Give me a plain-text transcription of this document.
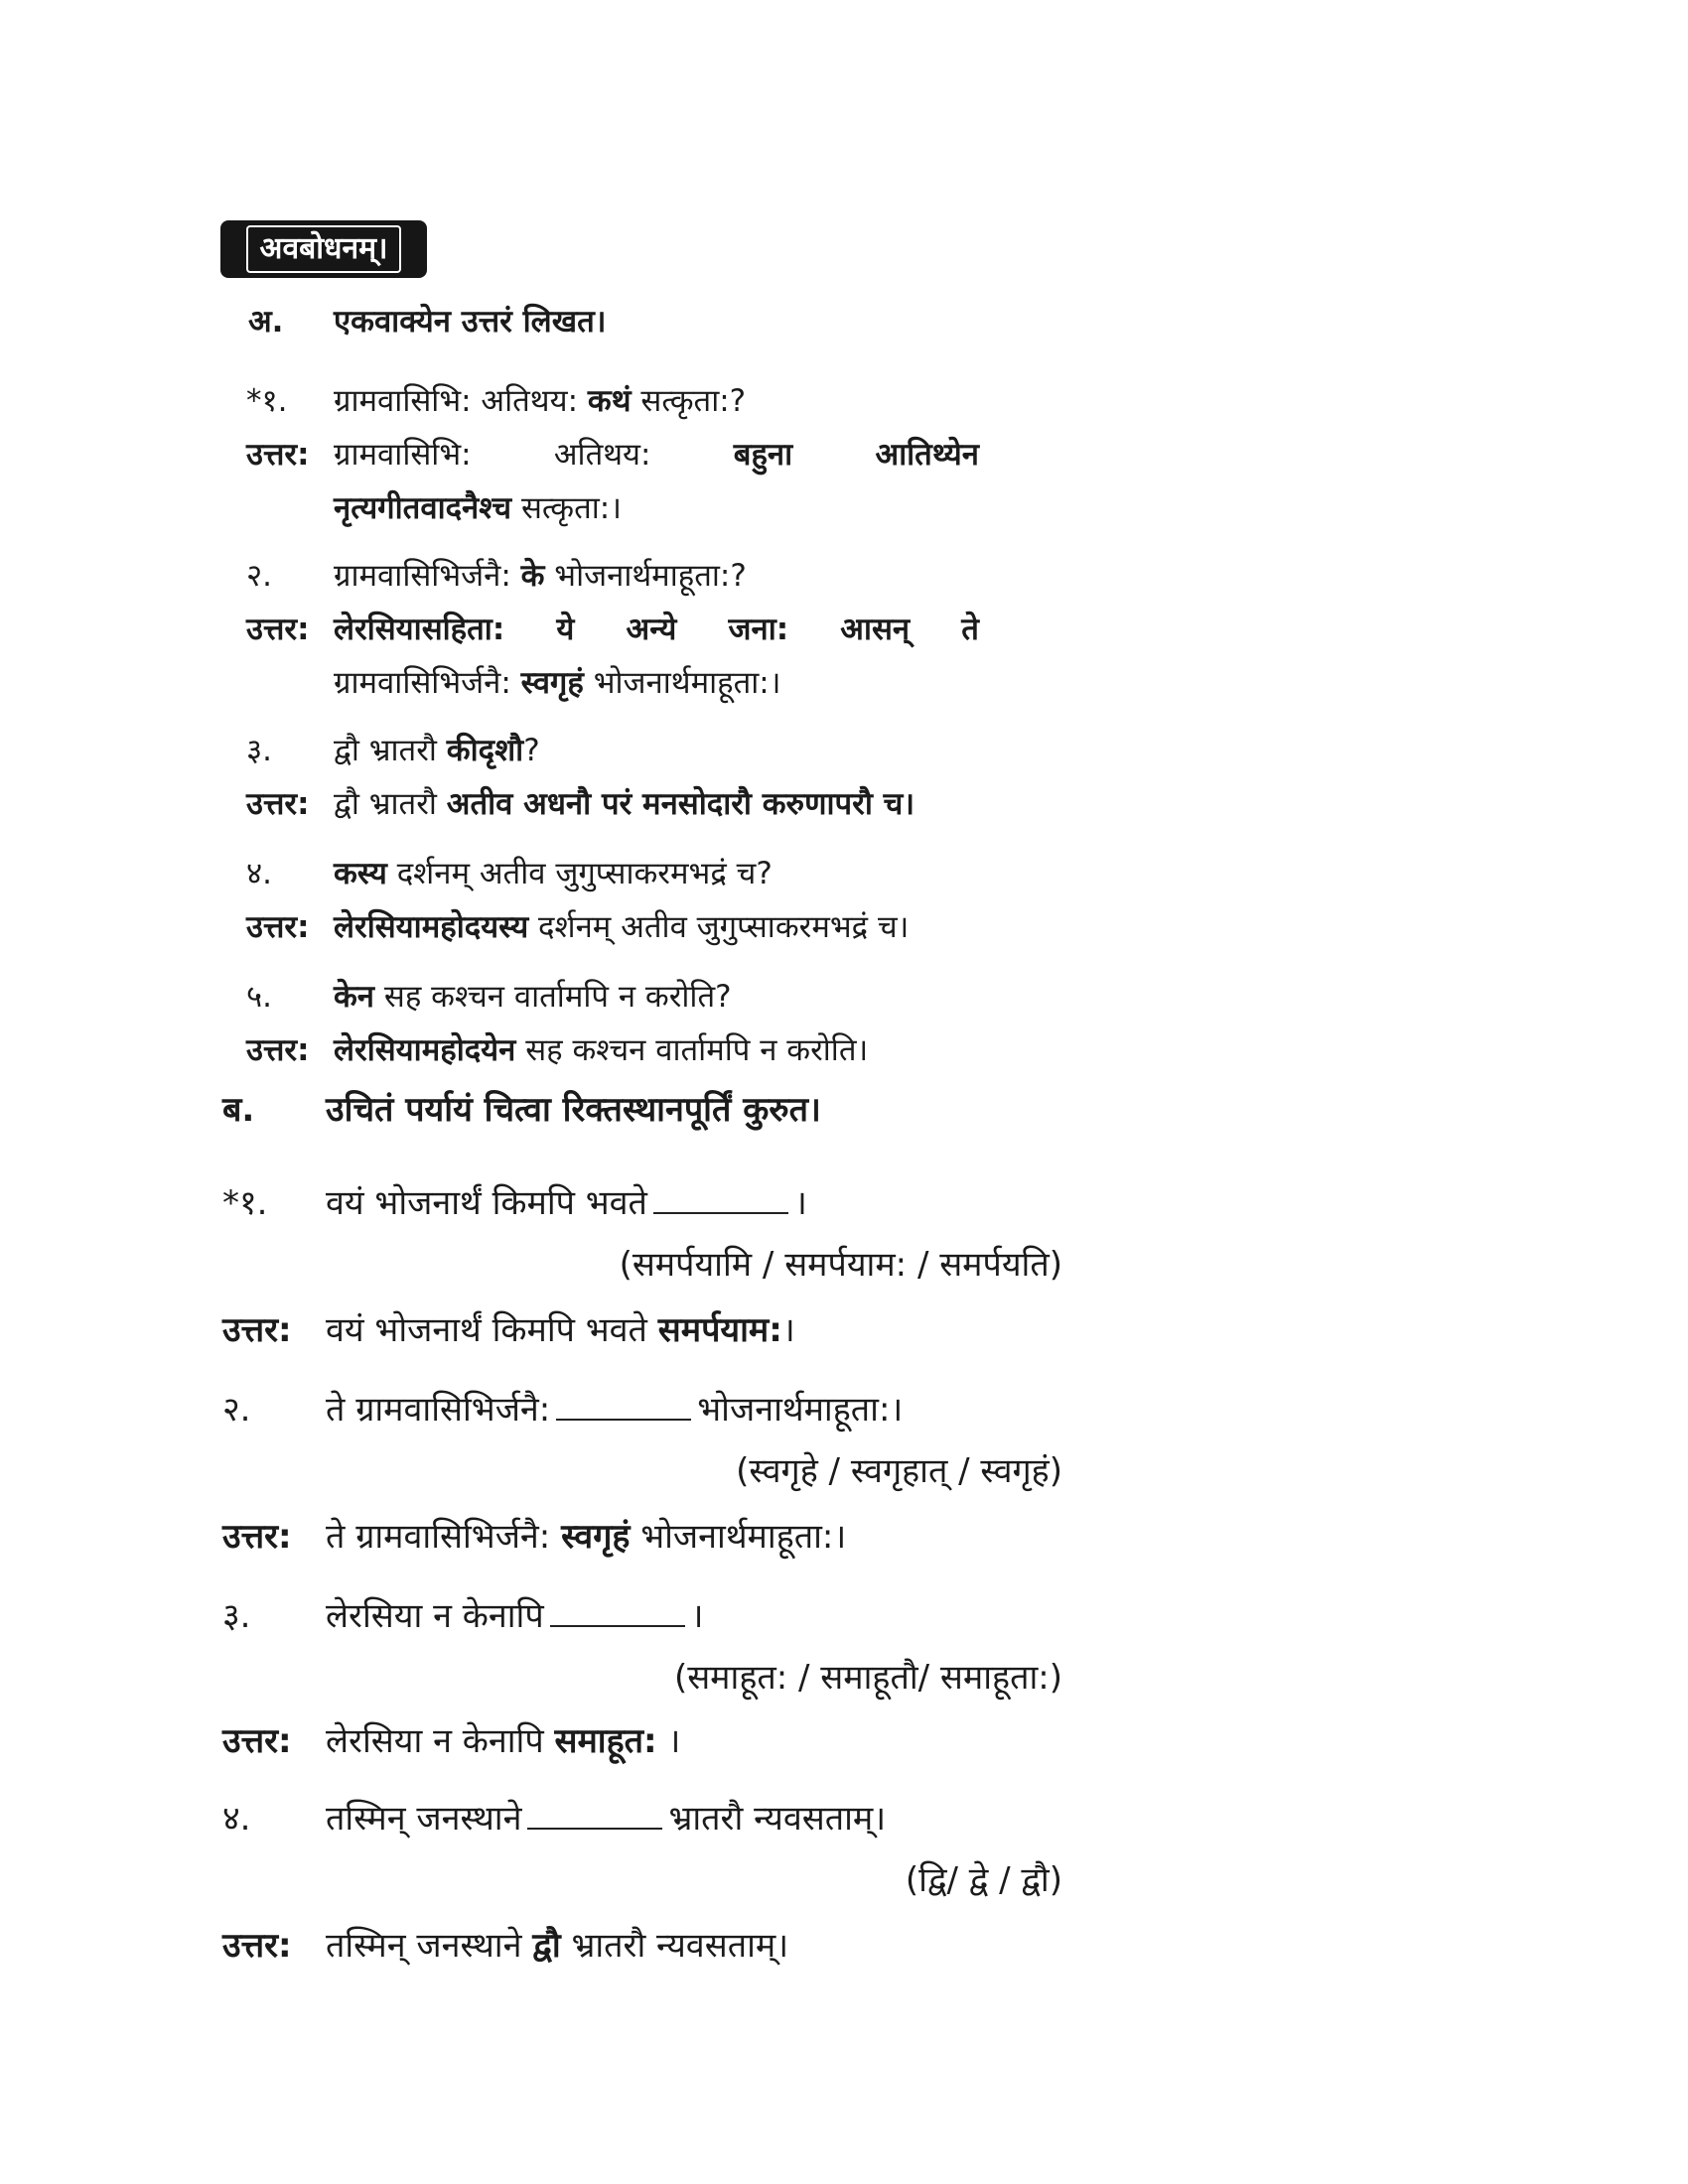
अवबोधनम्।
अ. एकवाक्येन उत्तरं लिखत।
*१. ग्रामवासिभि: अतिथय: कथं सत्कृता:?
उत्तर: ग्रामवासिभि:	अतिथय:	बहुना	आतिथ्येन
नृत्यगीतवादनैश्च सत्कृता:।
२. ग्रामवासिभिर्जनै: के भोजनार्थमाहूता:?
उत्तर: लेरसियासहिता: ये अन्ये जना: आसन् ते
ग्रामवासिभिर्जनै: स्वगृहं भोजनार्थमाहूता:।
३. द्वौ भ्रातरौ कीदृशौ?
उत्तर: द्वौ भ्रातरौ अतीव अधनौ परं मनसोदारौ करुणापरौ च।
४. कस्य दर्शनम् अतीव जुगुप्साकरमभद्रं च?
उत्तर: लेरसियामहोदयस्य दर्शनम् अतीव जुगुप्साकरमभद्रं च।
५. केन सह कश्चन वार्तामपि न करोति?
उत्तर: लेरसियामहोदयेन सह कश्चन वार्तामपि न करोति।
ब. उचितं पर्यायं चित्वा रिक्तस्थानपूर्तिं कुरुत।
*१. वयं भोजनार्थं किमपि भवते	।
(समर्पयामि / समर्पयाम: / समर्पयति)
उत्तर: वयं भोजनार्थं किमपि भवते समर्पयाम:।
२. ते ग्रामवासिभिर्जनै:	भोजनार्थमाहूता:।
(स्वगृहे / स्वगृहात् / स्वगृहं)
उत्तर: ते ग्रामवासिभिर्जनै: स्वगृहं भोजनार्थमाहूता:।
३. लेरसिया न केनापि	।
(समाहूत: / समाहूतौ/ समाहूता:)
उत्तर: लेरसिया न केनापि समाहूत: ।
४. तस्मिन् जनस्थाने	भ्रातरौ न्यवसताम्।
(द्वि/ द्वे / द्वौ)
उत्तर: तस्मिन् जनस्थाने द्वौ भ्रातरौ न्यवसताम्।
